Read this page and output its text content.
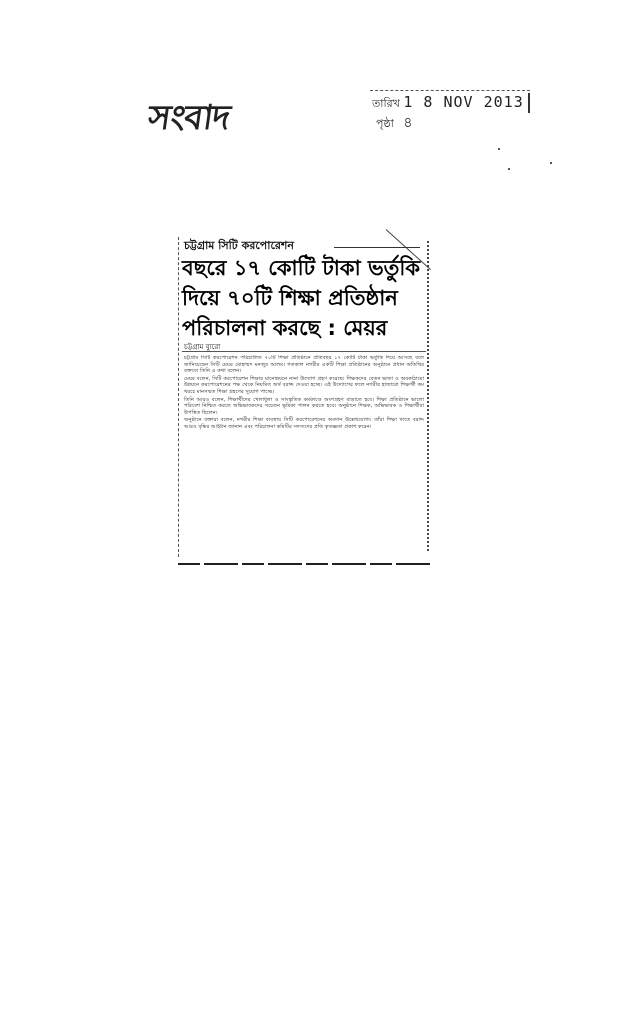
সংবাদ	তারিখ 1 8 NOV 2013
পৃষ্ঠা ৪
চট্টগ্রাম সিটি করপোরেশন
বছরে ১৭ কোটি টাকা ভর্তুকি
দিয়ে ৭০টি শিক্ষা প্রতিষ্ঠান
পরিচালনা করছে : মেয়র
চট্টগ্রাম ব্যুরো

চট্টগ্রাম সিটি করপোরেশন পরিচালিত ৭০টি শিক্ষা প্রতিষ্ঠানে প্রতিবছর ১৭ কোটি টাকা ভর্তুকি দিয়ে আসছে বলে জানিয়েছেন সিটি মেয়র মোহাম্মদ মনজুর আলম। গতকাল নগরীর একটি শিক্ষা প্রতিষ্ঠানের অনুষ্ঠানে প্রধান অতিথির বক্তব্যে তিনি এ কথা বলেন।

মেয়র বলেন, সিটি করপোরেশন শিক্ষার মানোন্নয়নে নানা উদ্যোগ গ্রহণ করেছে। শিক্ষকদের বেতন ভাতা ও অবকাঠামো উন্নয়নে করপোরেশনের পক্ষ থেকে নিয়মিত অর্থ বরাদ্দ দেওয়া হচ্ছে। এই উদ্যোগের ফলে নগরীর হাজারো শিক্ষার্থী কম খরচে মানসম্মত শিক্ষা গ্রহণের সুযোগ পাচ্ছে।

তিনি আরও বলেন, শিক্ষার্থীদের খেলাধুলা ও সাংস্কৃতিক কর্মকাণ্ডে অংশগ্রহণ বাড়াতে হবে। শিক্ষা প্রতিষ্ঠানে ভালো পরিবেশ নিশ্চিত করতে অভিভাবকদের সচেতন ভূমিকা পালন করতে হবে। অনুষ্ঠানে শিক্ষক, অভিভাবক ও শিক্ষার্থীরা উপস্থিত ছিলেন।

অনুষ্ঠানে বক্তারা বলেন, নগরীর শিক্ষা ব্যবস্থায় সিটি করপোরেশনের অবদান উল্লেখযোগ্য। তাঁরা শিক্ষা খাতে বরাদ্দ আরও বৃদ্ধির আহ্বান জানান এবং পরিচালনা কমিটির সদস্যদের প্রতি কৃতজ্ঞতা প্রকাশ করেন।
